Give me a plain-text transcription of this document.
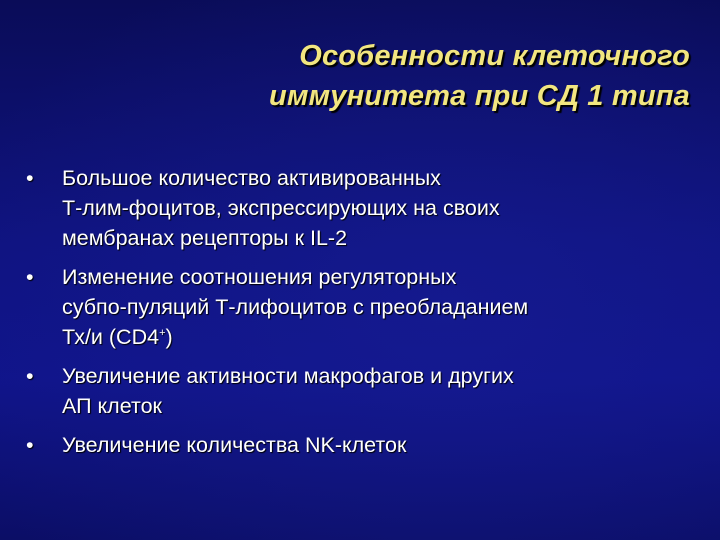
Особенности клеточного
иммунитета при СД 1 типа
•	Большое количество активированных
Т-лим-фоцитов, экспрессирующих на своих
мембранах рецепторы к IL-2
•	Изменение соотношения регуляторных
субпо-пуляций Т-лифоцитов с преобладанием
Тх/и (CD4+)
•	Увеличение активности макрофагов и других
АП клеток
•	Увеличение количества NK-клеток
